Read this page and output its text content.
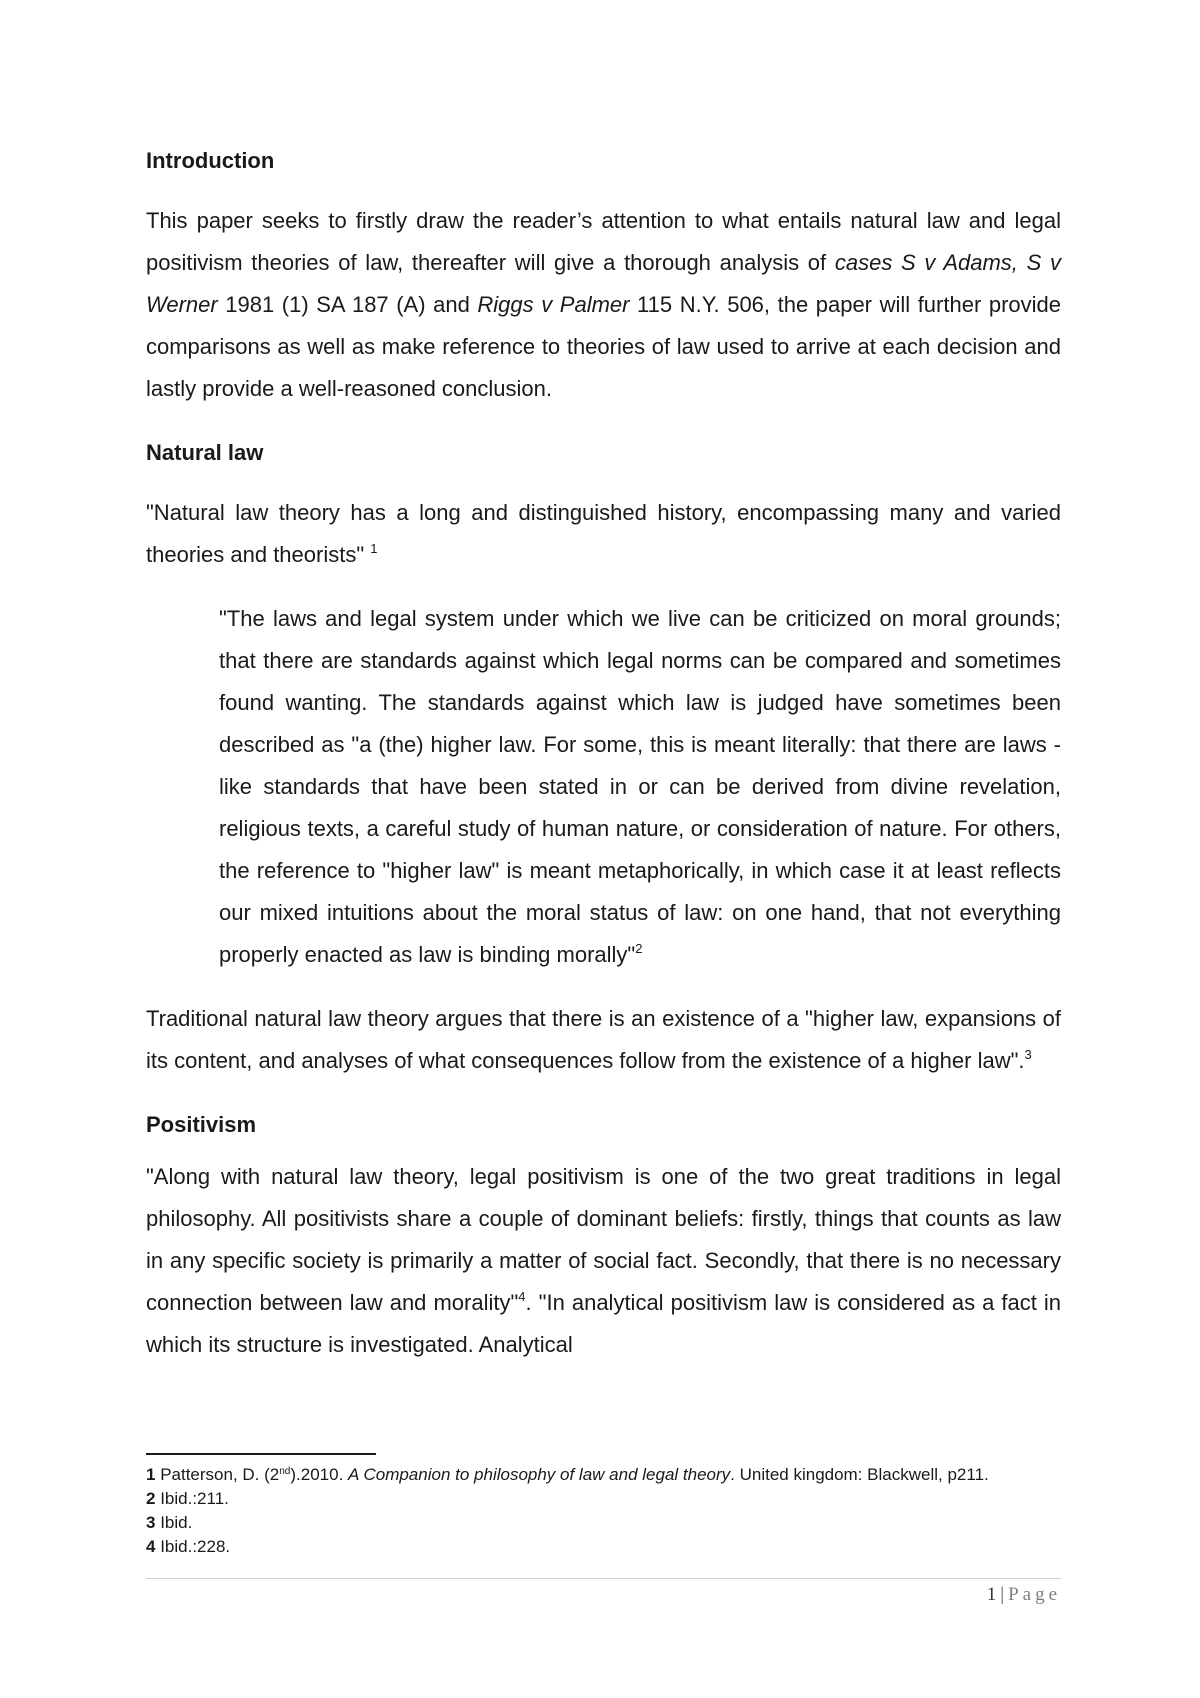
Introduction

This paper seeks to firstly draw the reader’s attention to what entails natural law and legal positivism theories of law, thereafter will give a thorough analysis of cases S v Adams, S v Werner 1981 (1) SA 187 (A) and Riggs v Palmer 115 N.Y. 506, the paper will further provide comparisons as well as make reference to theories of law used to arrive at each decision and lastly provide a well-reasoned conclusion.

Natural law

"Natural law theory has a long and distinguished history, encompassing many and varied theories and theorists" $^1$

"The laws and legal system under which we live can be criticized on moral grounds; that there are standards against which legal norms can be compared and sometimes found wanting. The standards against which law is judged have sometimes been described as "a (the) higher law. For some, this is meant literally: that there are laws - like standards that have been stated in or can be derived from divine revelation, religious texts, a careful study of human nature, or consideration of nature. For others, the reference to "higher law" is meant metaphorically, in which case it at least reflects our mixed intuitions about the moral status of law: on one hand, that not everything properly enacted as law is binding morally"$^2$

Traditional natural law theory argues that there is an existence of a "higher law, expansions of its content, and analyses of what consequences follow from the existence of a higher law".$^3$

Positivism

"Along with natural law theory, legal positivism is one of the two great traditions in legal philosophy. All positivists share a couple of dominant beliefs: firstly, things that counts as law in any specific society is primarily a matter of social fact. Secondly, that there is no necessary connection between law and morality"$^4$. "In analytical positivism law is considered as a fact in which its structure is investigated. Analytical

1 Patterson, D. (2nd).2010. A Companion to philosophy of law and legal theory. United kingdom: Blackwell, p211.
2 Ibid.:211.
3 Ibid.
4 Ibid.:228.
1 | Page
